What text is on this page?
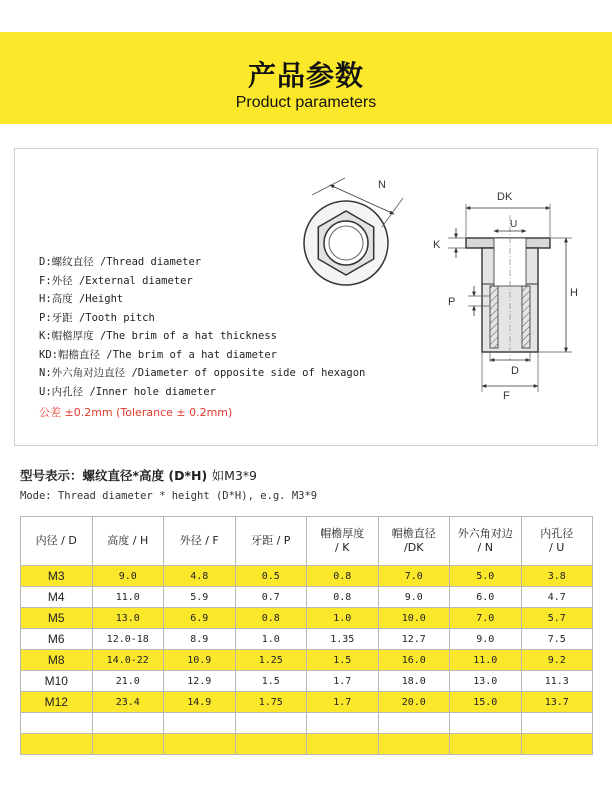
产品参数
Product parameters
D:螺纹直径 /Thread diameter
F:外径 /External diameter
H:高度 /Height
P:牙距 /Tooth pitch
K:帽檐厚度 /The brim of a hat thickness
KD:帽檐直径 /The brim of a hat diameter
N:外六角对边直径 /Diameter of opposite side of hexagon
U:内孔径 /Inner hole diameter
公差 ±0.2mm (Tolerance ± 0.2mm)
N
DK
U
K
P
H
D
F
型号表示：螺纹直径*高度 (D*H) 如M3*9
Mode: Thread diameter * height (D*H), e.g. M3*9
内径 / D	高度 / H	外径 / F	牙距 / P	帽檐厚度
/ K	帽檐直径
/DK	外六角对边
/ N	内孔径
/ U
M3	9.0	4.8	0.5	0.8	7.0	5.0	3.8
M4	11.0	5.9	0.7	0.8	9.0	6.0	4.7
M5	13.0	6.9	0.8	1.0	10.0	7.0	5.7
M6	12.0-18	8.9	1.0	1.35	12.7	9.0	7.5
M8	14.0-22	10.9	1.25	1.5	16.0	11.0	9.2
M10	21.0	12.9	1.5	1.7	18.0	13.0	11.3
M12	23.4	14.9	1.75	1.7	20.0	15.0	13.7
